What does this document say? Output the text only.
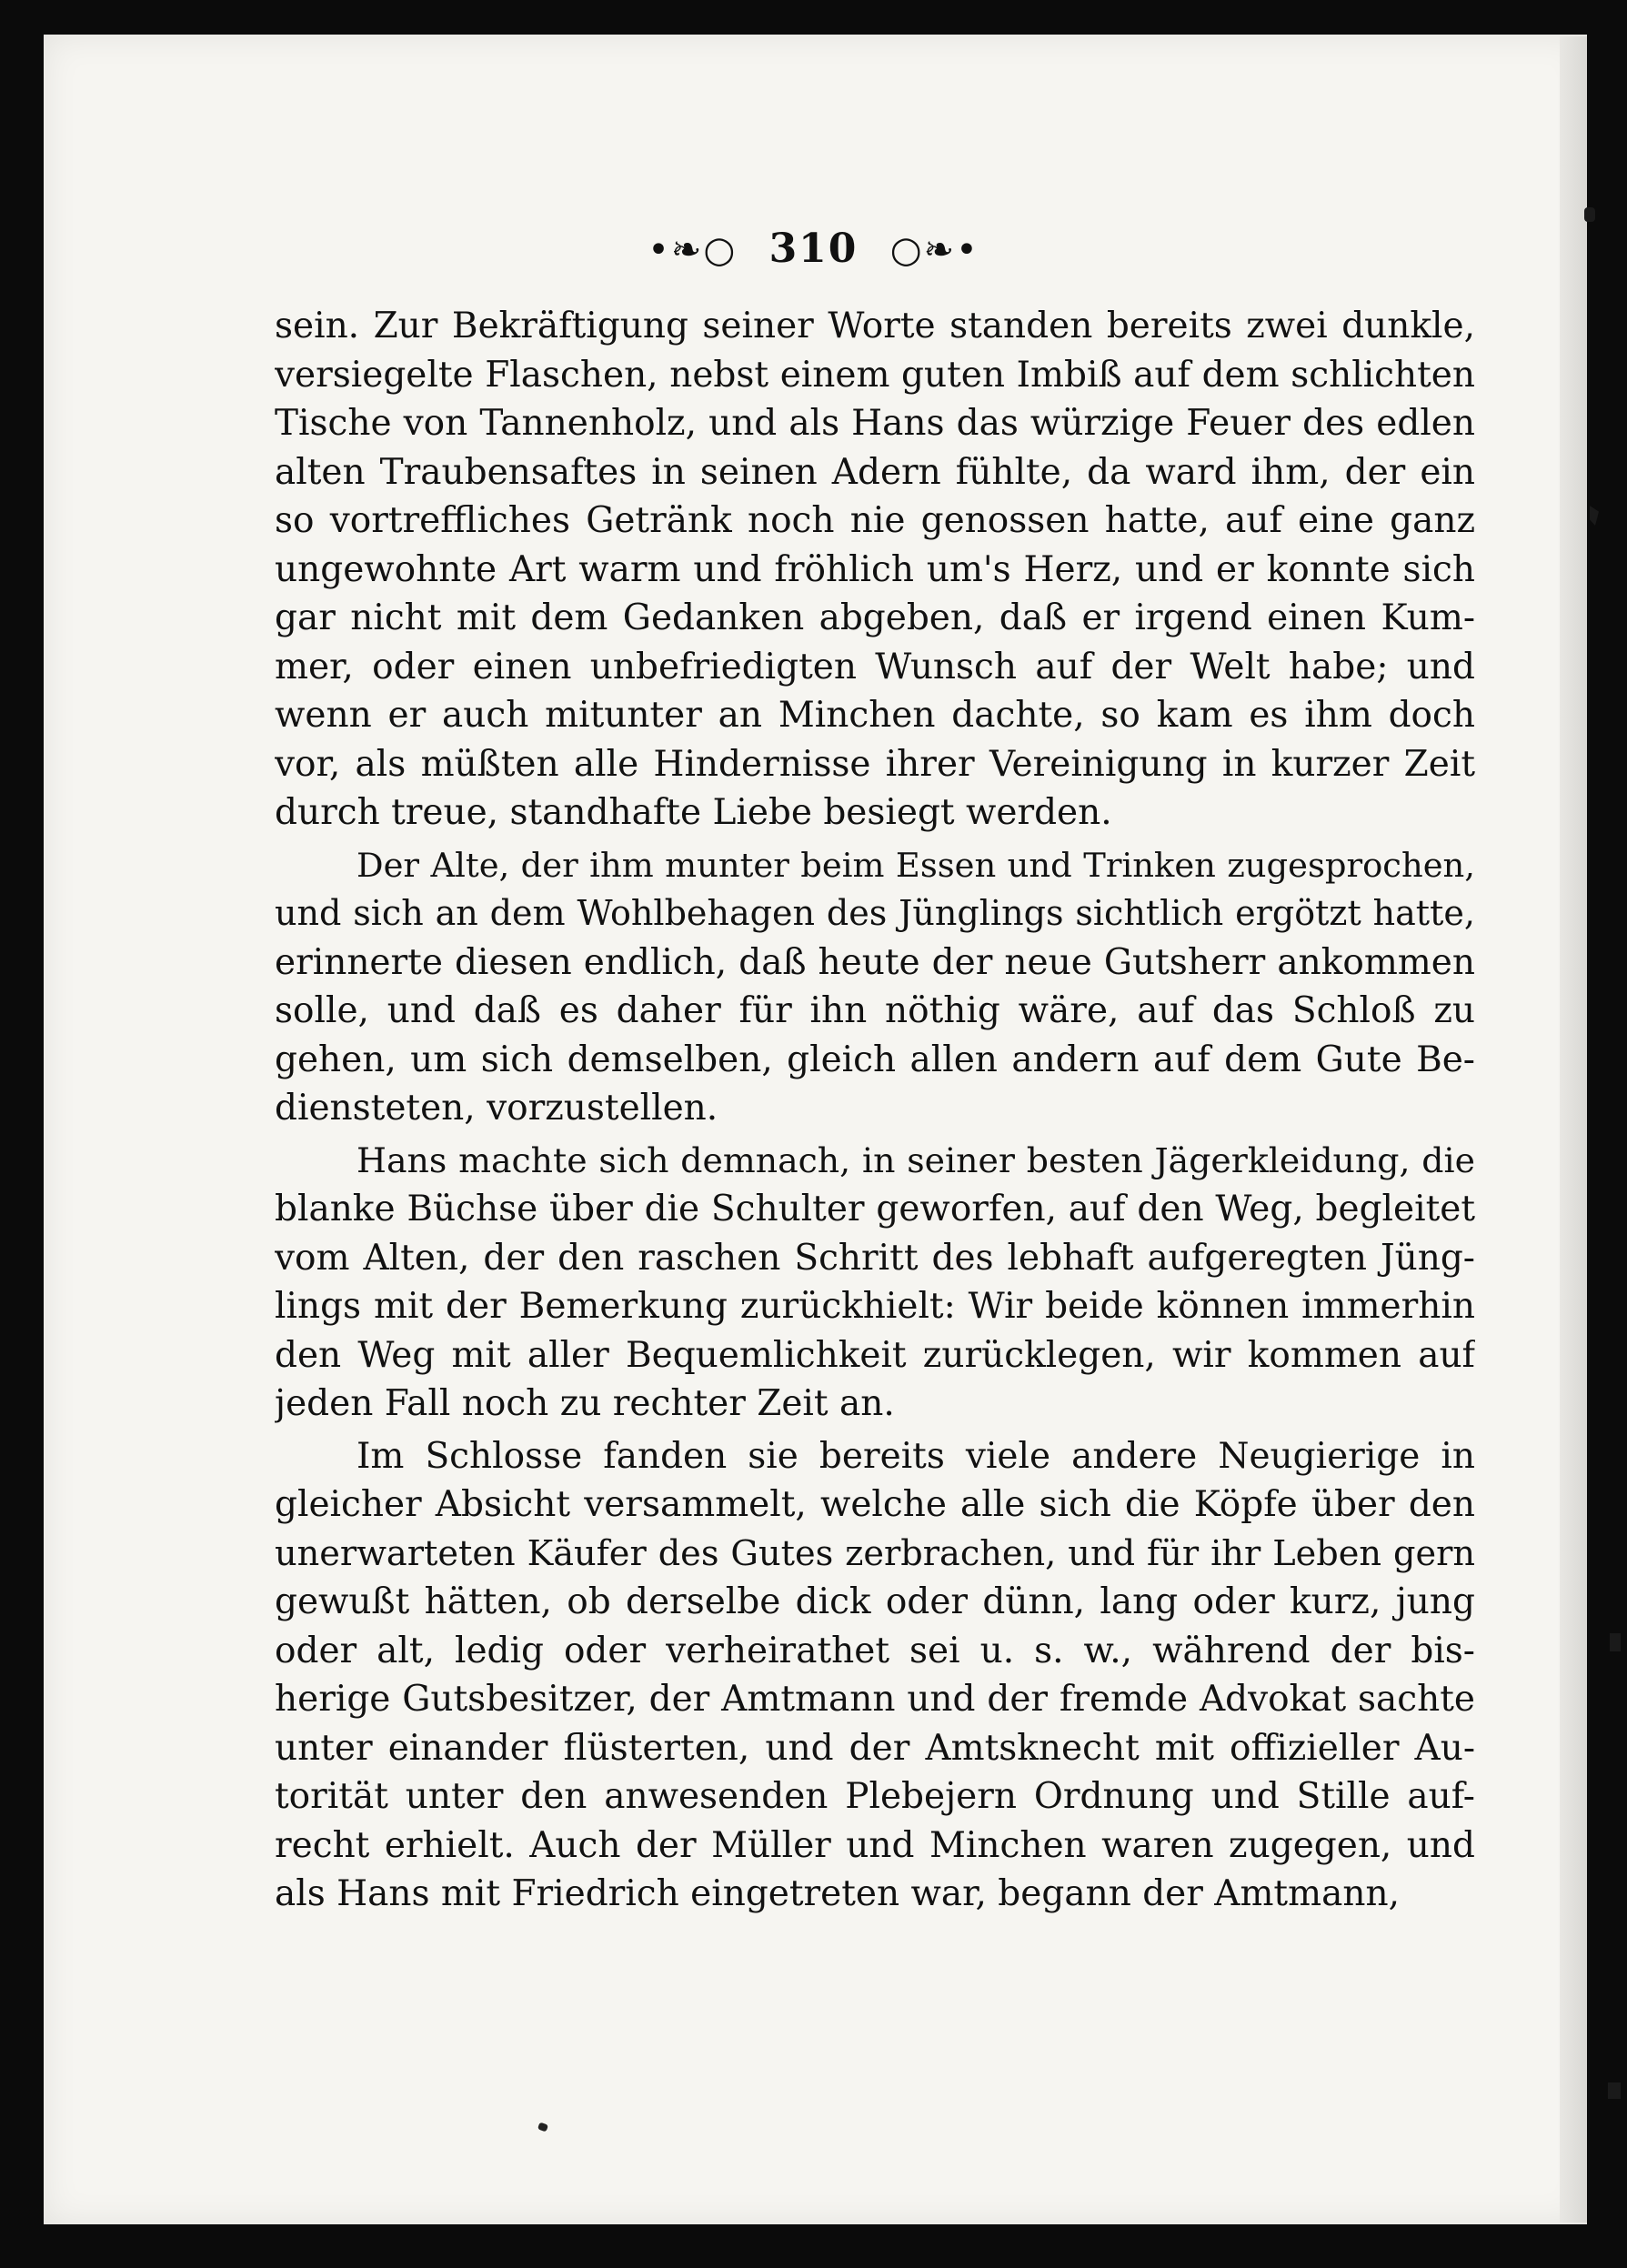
•❧○ 310 ○❧•
sein. Zur Bekräftigung seiner Worte standen bereits zwei dunkle,
versiegelte Flaschen, nebst einem guten Imbiß auf dem schlichten
Tische von Tannenholz, und als Hans das würzige Feuer des edlen
alten Traubensaftes in seinen Adern fühlte, da ward ihm, der ein
so vortreffliches Getränk noch nie genossen hatte, auf eine ganz
ungewohnte Art warm und fröhlich um's Herz, und er konnte sich
gar nicht mit dem Gedanken abgeben, daß er irgend einen Kum-
mer, oder einen unbefriedigten Wunsch auf der Welt habe; und
wenn er auch mitunter an Minchen dachte, so kam es ihm doch
vor, als müßten alle Hindernisse ihrer Vereinigung in kurzer Zeit
durch treue, standhafte Liebe besiegt werden.
Der Alte, der ihm munter beim Essen und Trinken zugesprochen,
und sich an dem Wohlbehagen des Jünglings sichtlich ergötzt hatte,
erinnerte diesen endlich, daß heute der neue Gutsherr ankommen
solle, und daß es daher für ihn nöthig wäre, auf das Schloß zu
gehen, um sich demselben, gleich allen andern auf dem Gute Be-
diensteten, vorzustellen.
Hans machte sich demnach, in seiner besten Jägerkleidung, die
blanke Büchse über die Schulter geworfen, auf den Weg, begleitet
vom Alten, der den raschen Schritt des lebhaft aufgeregten Jüng-
lings mit der Bemerkung zurückhielt: Wir beide können immerhin
den Weg mit aller Bequemlichkeit zurücklegen, wir kommen auf
jeden Fall noch zu rechter Zeit an.
Im Schlosse fanden sie bereits viele andere Neugierige in
gleicher Absicht versammelt, welche alle sich die Köpfe über den
unerwarteten Käufer des Gutes zerbrachen, und für ihr Leben gern
gewußt hätten, ob derselbe dick oder dünn, lang oder kurz, jung
oder alt, ledig oder verheirathet sei u. s. w., während der bis-
herige Gutsbesitzer, der Amtmann und der fremde Advokat sachte
unter einander flüsterten, und der Amtsknecht mit offizieller Au-
torität unter den anwesenden Plebejern Ordnung und Stille auf-
recht erhielt. Auch der Müller und Minchen waren zugegen, und
als Hans mit Friedrich eingetreten war, begann der Amtmann,
